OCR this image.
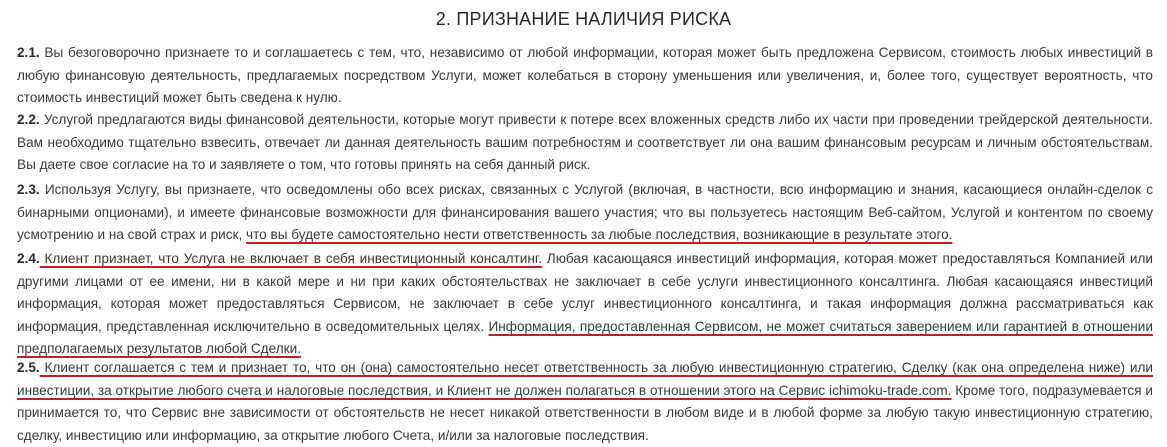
2. ПРИЗНАНИЕ НАЛИЧИЯ РИСКА

2.1. Вы безоговорочно признаете то и соглашаетесь с тем, что, независимо от любой информации, которая может быть предложена Сервисом, стоимость любых инвестиций в любую финансовую деятельность, предлагаемых посредством Услуги, может колебаться в сторону уменьшения или увеличения, и, более того, существует вероятность, что стоимость инвестиций может быть сведена к нулю.

2.2. Услугой предлагаются виды финансовой деятельности, которые могут привести к потере всех вложенных средств либо их части при проведении трейдерской деятельности. Вам необходимо тщательно взвесить, отвечает ли данная деятельность вашим потребностям и соответствует ли она вашим финансовым ресурсам и личным обстоятельствам. Вы даете свое согласие на то и заявляете о том, что готовы принять на себя данный риск.

2.3. Используя Услугу, вы признаете, что осведомлены обо всех рисках, связанных с Услугой (включая, в частности, всю информацию и знания, касающиеся онлайн-сделок с бинарными опционами), и имеете финансовые возможности для финансирования вашего участия; что вы пользуетесь настоящим Веб-сайтом, Услугой и контентом по своему усмотрению и на свой страх и риск, что вы будете самостоятельно нести ответственность за любые последствия, возникающие в результате этого.

2.4. Клиент признает, что Услуга не включает в себя инвестиционный консалтинг. Любая касающаяся инвестиций информация, которая может предоставляться Компанией или другими лицами от ее имени, ни в какой мере и ни при каких обстоятельствах не заключает в себе услуги инвестиционного консалтинга. Любая касающаяся инвестиций информация, которая может предоставляться Сервисом, не заключает в себе услуг инвестиционного консалтинга, и такая информация должна рассматриваться как информация, представленная исключительно в осведомительных целях. Информация, предоставленная Сервисом, не может считаться заверением или гарантией в отношении предполагаемых результатов любой Сделки.

2.5. Клиент соглашается с тем и признает то, что он (она) самостоятельно несет ответственность за любую инвестиционную стратегию, Сделку (как она определена ниже) или инвестиции, за открытие любого счета и налоговые последствия, и Клиент не должен полагаться в отношении этого на Сервис ichimoku-trade.com. Кроме того, подразумевается и принимается то, что Сервис вне зависимости от обстоятельств не несет никакой ответственности в любом виде и в любой форме за любую такую инвестиционную стратегию, сделку, инвестицию или информацию, за открытие любого Счета, и/или за налоговые последствия.
